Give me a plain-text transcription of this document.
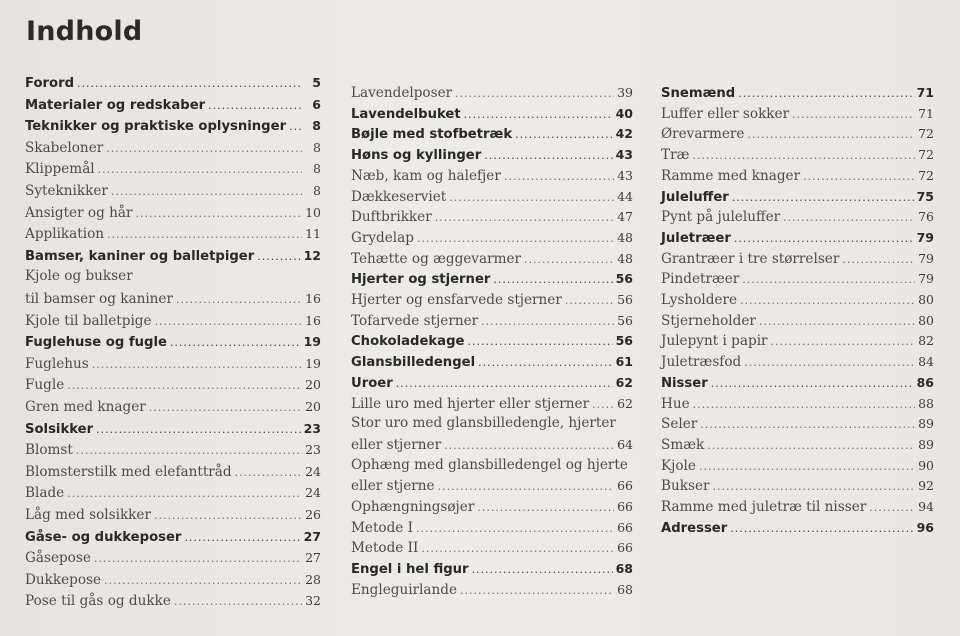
Indhold
Forord .....	5
Materialer og redskaber .....	6
Teknikker og praktiske oplysninger .....	8
Skabeloner .....	8
Klippemål .....	8
Syteknikker .....	8
Ansigter og hår .....	10
Applikation .....	11
Bamser, kaniner og balletpiger .....	12
Kjole og bukser
til bamser og kaniner .....	16
Kjole til balletpige .....	16
Fuglehuse og fugle .....	19
Fuglehus .....	19
Fugle .....	20
Gren med knager .....	20
Solsikker .....	23
Blomst .....	23
Blomsterstilk med elefanttråd .....	24
Blade .....	24
Låg med solsikker .....	26
Gåse- og dukkeposer .....	27
Gåsepose .....	27
Dukkepose .....	28
Pose til gås og dukke .....	32
Lavendelposer .....	39
Lavendelbuket .....	40
Bøjle med stofbetræk .....	42
Høns og kyllinger .....	43
Næb, kam og halefjer .....	43
Dækkeserviet .....	44
Duftbrikker .....	47
Grydelap .....	48
Tehætte og æggevarmer .....	48
Hjerter og stjerner .....	56
Hjerter og ensfarvede stjerner .....	56
Tofarvede stjerner .....	56
Chokoladekage .....	56
Glansbilledengel .....	61
Uroer .....	62
Lille uro med hjerter eller stjerner ..... 62
Stor uro med glansbilledengle, hjerter
eller stjerner .....	64
Ophæng med glansbilledengel og hjerte
eller stjerne .....	66
Ophængningsøjer .....	66
Metode I .....	66
Metode II .....	66
Engel i hel figur .....	68
Engleguirlande .....	68
Snemænd .....	71
Luffer eller sokker .....	71
Ørevarmere .....	72
Træ .....	72
Ramme med knager .....	72
Juleluffer .....	75
Pynt på juleluffer .....	76
Juletræer .....	79
Grantræer i tre størrelser .....	79
Pindetræer .....	79
Lysholdere .....	80
Stjerneholder .....	80
Julepynt i papir .....	82
Juletræsfod .....	84
Nisser .....	86
Hue .....	88
Seler .....	89
Smæk .....	89
Kjole .....	90
Bukser .....	92
Ramme med juletræ til nisser .....	94
Adresser .....	96
